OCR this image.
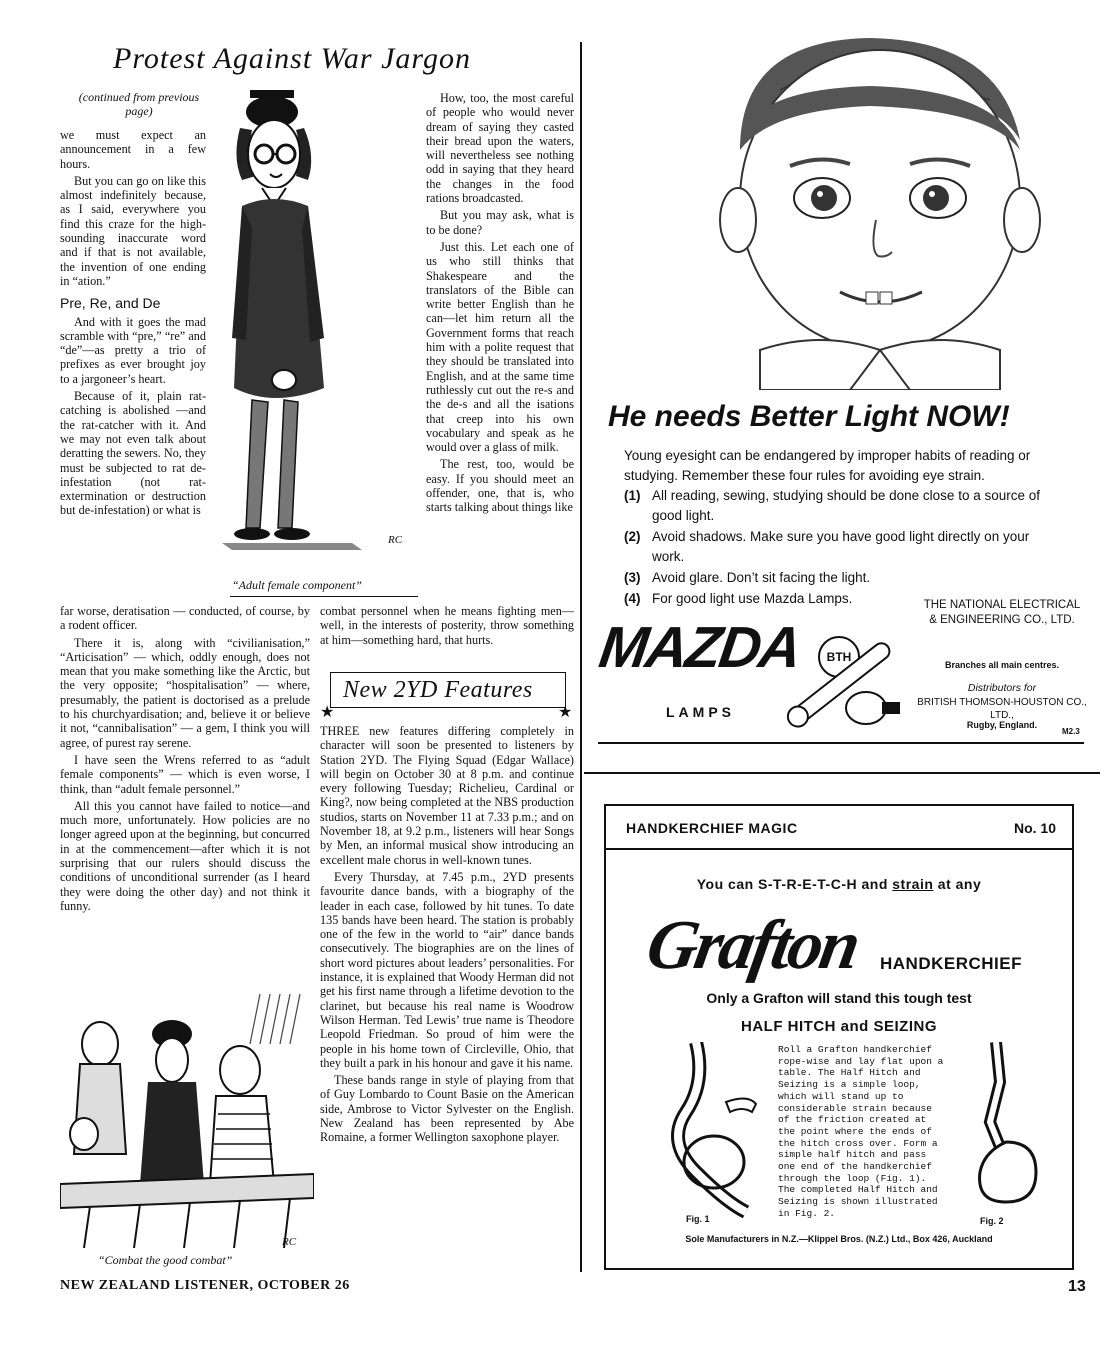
Protest Against War Jargon
(continued from previous page)

we must expect an announcement in a few hours.

But you can go on like this almost indefinitely because, as I said, everywhere you find this craze for the high-sounding inaccurate word and if that is not available, the invention of one ending in “ation.”

Pre, Re, and De

And with it goes the mad scramble with “pre,” “re” and “de”—as pretty a trio of prefixes as ever brought joy to a jargoneer’s heart.

Because of it, plain rat-catching is abolished —and the rat-catcher with it. And we may not even talk about deratting the sewers. No, they must be subjected to rat de-infestation (not rat-extermination or destruction but de-infestation) or what is

RC
“Adult female component”

How, too, the most careful of people who would never dream of saying they casted their bread upon the waters, will nevertheless see nothing odd in saying that they heard the changes in the food rations broadcasted.

But you may ask, what is to be done?

Just this. Let each one of us who still thinks that Shakespeare and the translators of the Bible can write better English than he can—let him return all the Government forms that reach him with a polite request that they should be translated into English, and at the same time ruthlessly cut out the re-s and the de-s and all the isations that creep into his own vocabulary and speak as he would over a glass of milk.

The rest, too, would be easy. If you should meet an offender, one, that is, who starts talking about things like

far worse, deratisation — conducted, of course, by a rodent officer.

There it is, along with “civilianisation,” “Articisation” — which, oddly enough, does not mean that you make something like the Arctic, but the very opposite; “hospitalisation” — where, presumably, the patient is doctorised as a prelude to his churchyardisation; and, believe it or believe it not, “cannibalisation” — a gem, I think you will agree, of purest ray serene.

I have seen the Wrens referred to as “adult female components” — which is even worse, I think, than “adult female personnel.”

All this you cannot have failed to notice—and much more, unfortunately. How policies are no longer agreed upon at the beginning, but concurred in at the commencement—after which it is not surprising that our rulers should discuss the conditions of unconditional surrender (as I heard they were doing the other day) and not think it funny.

combat personnel when he means fighting men—well, in the interests of posterity, throw something at him—something hard, that hurts.

RC
“Combat the good combat”
New 2YD Features
★	★

THREE new features differing completely in character will soon be presented to listeners by Station 2YD. The Flying Squad (Edgar Wallace) will begin on October 30 at 8 p.m. and continue every following Tuesday; Richelieu, Cardinal or King?, now being completed at the NBS production studios, starts on November 11 at 7.33 p.m.; and on November 18, at 9.2 p.m., listeners will hear Songs by Men, an informal musical show introducing an excellent male chorus in well-known tunes.

Every Thursday, at 7.45 p.m., 2YD presents favourite dance bands, with a biography of the leader in each case, followed by hit tunes. To date 135 bands have been heard. The station is probably one of the few in the world to “air” dance bands consecutively. The biographies are on the lines of short word pictures about leaders’ personalities. For instance, it is explained that Woody Herman did not get his first name through a lifetime devotion to the clarinet, but because his real name is Woodrow Wilson Herman. Ted Lewis’ true name is Theodore Leopold Friedman. So proud of him were the people in his home town of Circleville, Ohio, that they built a park in his honour and gave it his name.

These bands range in style of playing from that of Guy Lombardo to Count Basie on the American side, Ambrose to Victor Sylvester on the English. New Zealand has been represented by Abe Romaine, a former Wellington saxophone player.

He needs Better Light NOW!
Young eyesight can be endangered by improper habits of reading or studying. Remember these four rules for avoiding eye strain.
(1) All reading, sewing, studying should be done close to a source of good light.
(2) Avoid shadows. Make sure you have good light directly on your work.
(3) Avoid glare. Don’t sit facing the light.
(4) For good light use Mazda Lamps.
MAZDA	BTH
LAMPS
THE NATIONAL ELECTRICAL & ENGINEERING CO., LTD.
Branches all main centres.
Distributors for
BRITISH THOMSON-HOUSTON CO., LTD.,
Rugby, England.
M2.3
HANDKERCHIEF MAGIC	No. 10
You can S-T-R-E-T-C-H and strain at any
Grafton HANDKERCHIEF
Only a Grafton will stand this tough test
HALF HITCH and SEIZING
Fig. 1
Roll a Grafton handkerchief rope-wise and lay flat upon a table. The Half Hitch and Seizing is a simple loop, which will stand up to considerable strain because of the friction created at the point where the ends of the hitch cross over. Form a simple half hitch and pass one end of the handkerchief through the loop (Fig. 1). The completed Half Hitch and Seizing is shown illustrated in Fig. 2.
Fig. 2
Sole Manufacturers in N.Z.—Klippel Bros. (N.Z.) Ltd., Box 426, Auckland
NEW ZEALAND LISTENER, OCTOBER 26	13
